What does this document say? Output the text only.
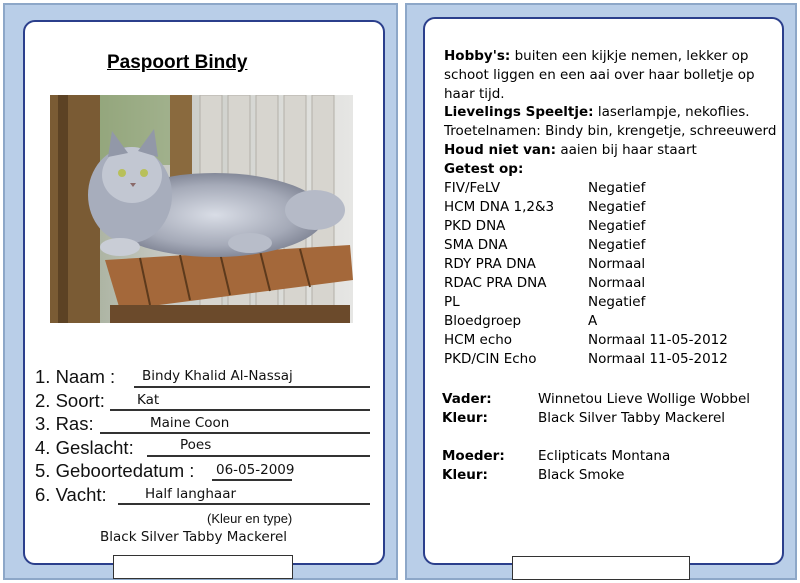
Paspoort Bindy
1. Naam : Bindy Khalid Al-Nassaj
2. Soort: Kat
3. Ras:	Maine Coon
4. Geslacht:	Poes
5. Geboortedatum : 06-05-2009
6. Vacht:	Half langhaar
(Kleur en type)
Black Silver Tabby Mackerel
Hobby's: buiten een kijkje nemen, lekker op schoot liggen en een aai over haar bolletje op haar tijd.
Lievelings Speeltje: laserlampje, nekoflies.
Troetelnamen: Bindy bin, krengetje, schreeuwerd
Houd niet van: aaien bij haar staart
Getest op:
FIV/FeLV	Negatief
HCM DNA 1,2&3	Negatief
PKD DNA	Negatief
SMA DNA	Negatief
RDY PRA DNA	Normaal
RDAC PRA DNA	Normaal
PL	Negatief
Bloedgroep	A
HCM echo	Normaal 11-05-2012
PKD/CIN Echo	Normaal 11-05-2012
Vader:	Winnetou Lieve Wollige Wobbel
Kleur:	Black Silver Tabby Mackerel
Moeder: Eclipticats Montana
Kleur:	Black Smoke
